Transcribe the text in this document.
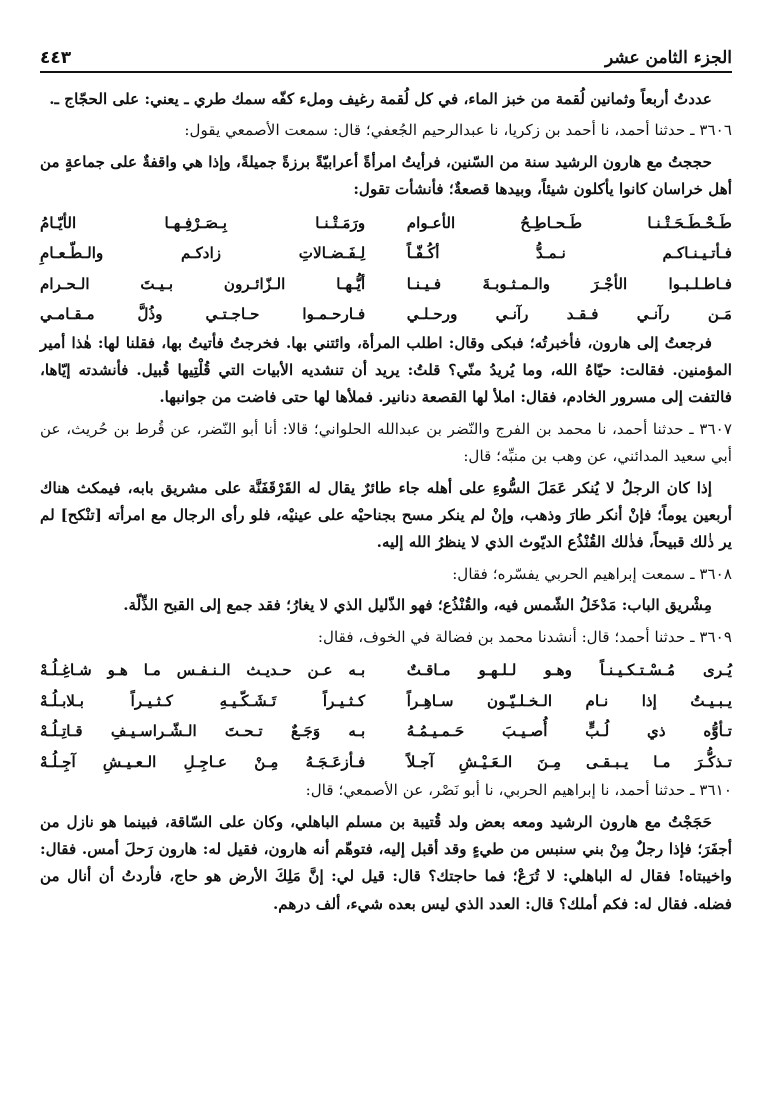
الجزء الثامن عشر
٤٤٣

عددتُ أربعاً وثمانين لُقمة من خبز الماء، في كل لُقمة رغيف وملء كفّه سمك طري ـ يعني: على الحجّاج ـ.

٣٦٠٦ ـ حدثنا أحمد، نا أحمد بن زكريا، نا عبدالرحيم الجُعفي؛ قال: سمعت الأصمعي يقول:

حججتُ مع هارون الرشيد سنة من السّنين، فرأيتُ امرأةً أعرابيّةً برزةً جميلةً، وإذا هي واقفةٌ على جماعةٍ من أهل خراسان كانوا يأكلون شيئاً، وبيدها قصعةٌ؛ فأنشأت تقول:

طَـحْـطَـحَـتْـنـا طَـحـاطِـحُ الأعـوام
ورَمَـتْـنـا بِـصَـرْفِـهـا الأيّـامُ
فـأتـيـنـاكـم نـمـدُّ أكُـفّـاً
لِـفَـضـالاتِ زادكـم والـطّـعـامِ
فـاطـلـبـوا الأجْـرَ والـمـثـوبـةَ فـيـنـا
أيُّـهـا الـزّائـرون بـيـتَ الـحـرام
مَـن رآنـي فـقـد رآنـي ورحـلـي
فـارحـمـوا حـاجـتـي وذُلَّ مـقـامـي

فرجعتُ إلى هارون، فأخبرتُه؛ فبكى وقال: اطلب المرأة، وائتني بها. فخرجتُ فأتيتُ بها، فقلنا لها: هٰذا أمير المؤمنين. فقالت: حيّاهُ الله، وما يُريدُ منّي؟ قلتُ: يريد أن تنشديه الأبيات التي قُلْتِيها قُبيل. فأنشدته إيّاها، فالتفت إلى مسرور الخادم، فقال: املأ لها القصعة دنانير. فملأها لها حتى فاضت من جوانبها.

٣٦٠٧ ـ حدثنا أحمد، نا محمد بن الفرج والنّضر بن عبدالله الحلواني؛ قالا: أنا أبو النّضر، عن قُرط بن حُريث، عن أبي سعيد المدائني، عن وهب بن منبِّه؛ قال:

إذا كان الرجلُ لا يُنكر عَمَلَ السُّوءِ على أهله جاء طائرٌ يقال له القَرْقَفَنَّة على مشريق بابه، فيمكث هناك أربعين يوماً؛ فإنْ أنكر طارَ وذهب، وإنْ لم ينكر مسح بجناحيْه على عينيْه، فلو رأى الرجال مع امرأته [تنْكح] لم ير ذٰلك قبيحاً، فذٰلك القُنْذُع الديّوث الذي لا ينظرُ الله إليه.

٣٦٠٨ ـ سمعت إبراهيم الحربي يفسّره؛ فقال:

مِشْريق الباب: مَدْخَلُ الشّمس فيه، والقُنْذُع؛ فهو الذّليل الذي لا يغارُ؛ فقد جمع إلى القبح الذِّلّة.

٣٦٠٩ ـ حدثنا أحمد؛ قال: أنشدنا محمد بن فضالة في الخوف، فقال:

يُـرى مُـسْـتـكـيـنـاً وهـو لـلـهـو مـاقـتٌ
بـه عـن حـديـث الـنـفـس مـا هـو شـاغِـلُـهْ
يـبـيـتُ إذا نـام الـخـلـيّـون سـاهِـراً
كـثـيـراً تَـشَـكّـيـهِ كـثـيـراً بـلابـلُـهْ
تـأوُّه ذي لُـبٍّ أُصـيـبَ حَـمـيـمُـهُ
بـه وَجَـعٌ تـحـتَ الـشّـراسـيـفِ قـاتِـلُـهْ
تـذكُّـرَ مـا يـبـقـى مِـنَ الـعَـيْـشِ آجـلاً
فـأزعَـجَـهُ مِـنْ عـاجِـلِ الـعـيـشِ آجِـلُـهْ

٣٦١٠ ـ حدثنا أحمد، نا إبراهيم الحربي، نا أبو نَصْر، عن الأصمعي؛ قال:

حَجَجْتُ مع هارون الرشيد ومعه بعض ولد قُتيبة بن مسلم الباهلي، وكان على السّاقة، فبينما هو نازل من أجفَرَ؛ فإذا رجلٌ مِنْ بني سنبس من طيءٍ وقد أقبل إليه، فتوهّم أنه هارون، فقيل له: هارون رَحلَ أمس. فقال: واخيبتاه! فقال له الباهلي: لا تُرَعْ؛ فما حاجتك؟ قال: قيل لي: إنَّ مَلِكَ الأرض هو حاج، فأردتُ أن أنال من فضله. فقال له: فكم أملك؟ قال: العدد الذي ليس بعده شيء، ألف درهم.
